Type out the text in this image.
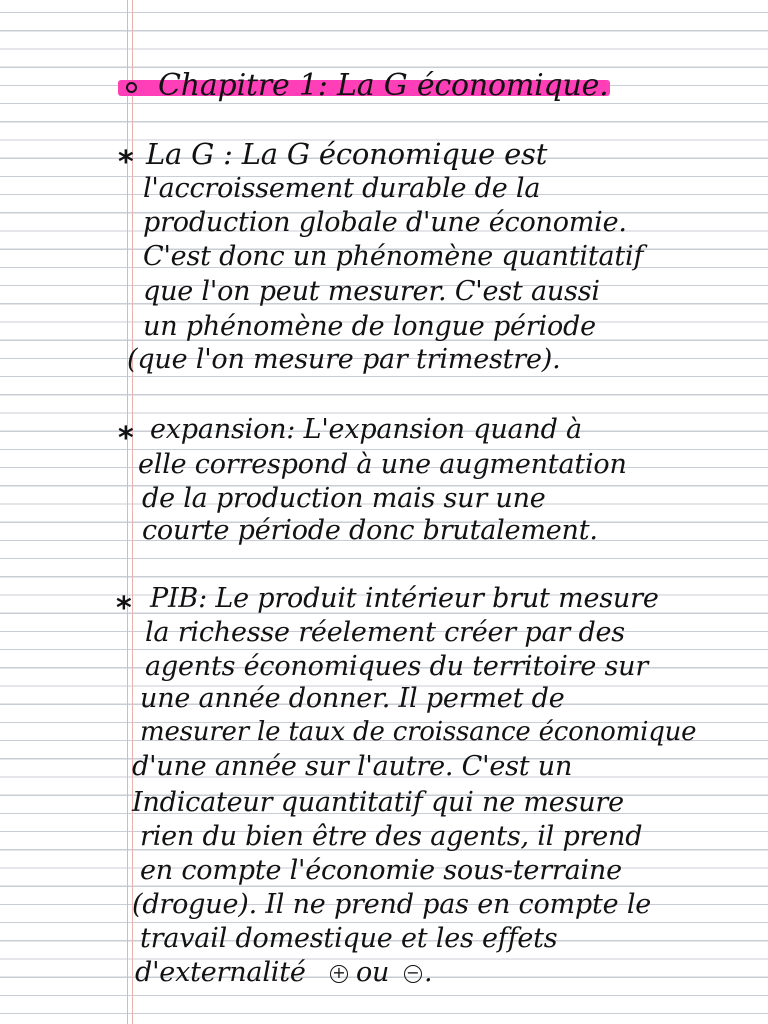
Chapitre 1: La G économique.

* La G : La G économique est

l'accroissement durable de la

production globale d'une économie.

C'est donc un phénomène quantitatif

que l'on peut mesurer. C'est aussi

un phénomène de longue période

(que l'on mesure par trimestre).

* expansion: L'expansion quand à

elle correspond à une augmentation

de la production mais sur une

courte période donc brutalement.

* PIB: Le produit intérieur brut mesure

la richesse réelement créer par des

agents économiques du territoire sur

une année donner. Il permet de

mesurer le taux de croissance économique

d'une année sur l'autre. C'est un

Indicateur quantitatif qui ne mesure

rien du bien être des agents, il prend

en compte l'économie sous-terraine

(drogue). Il ne prend pas en compte le

travail domestique et les effets

d'externalité + ou − .
